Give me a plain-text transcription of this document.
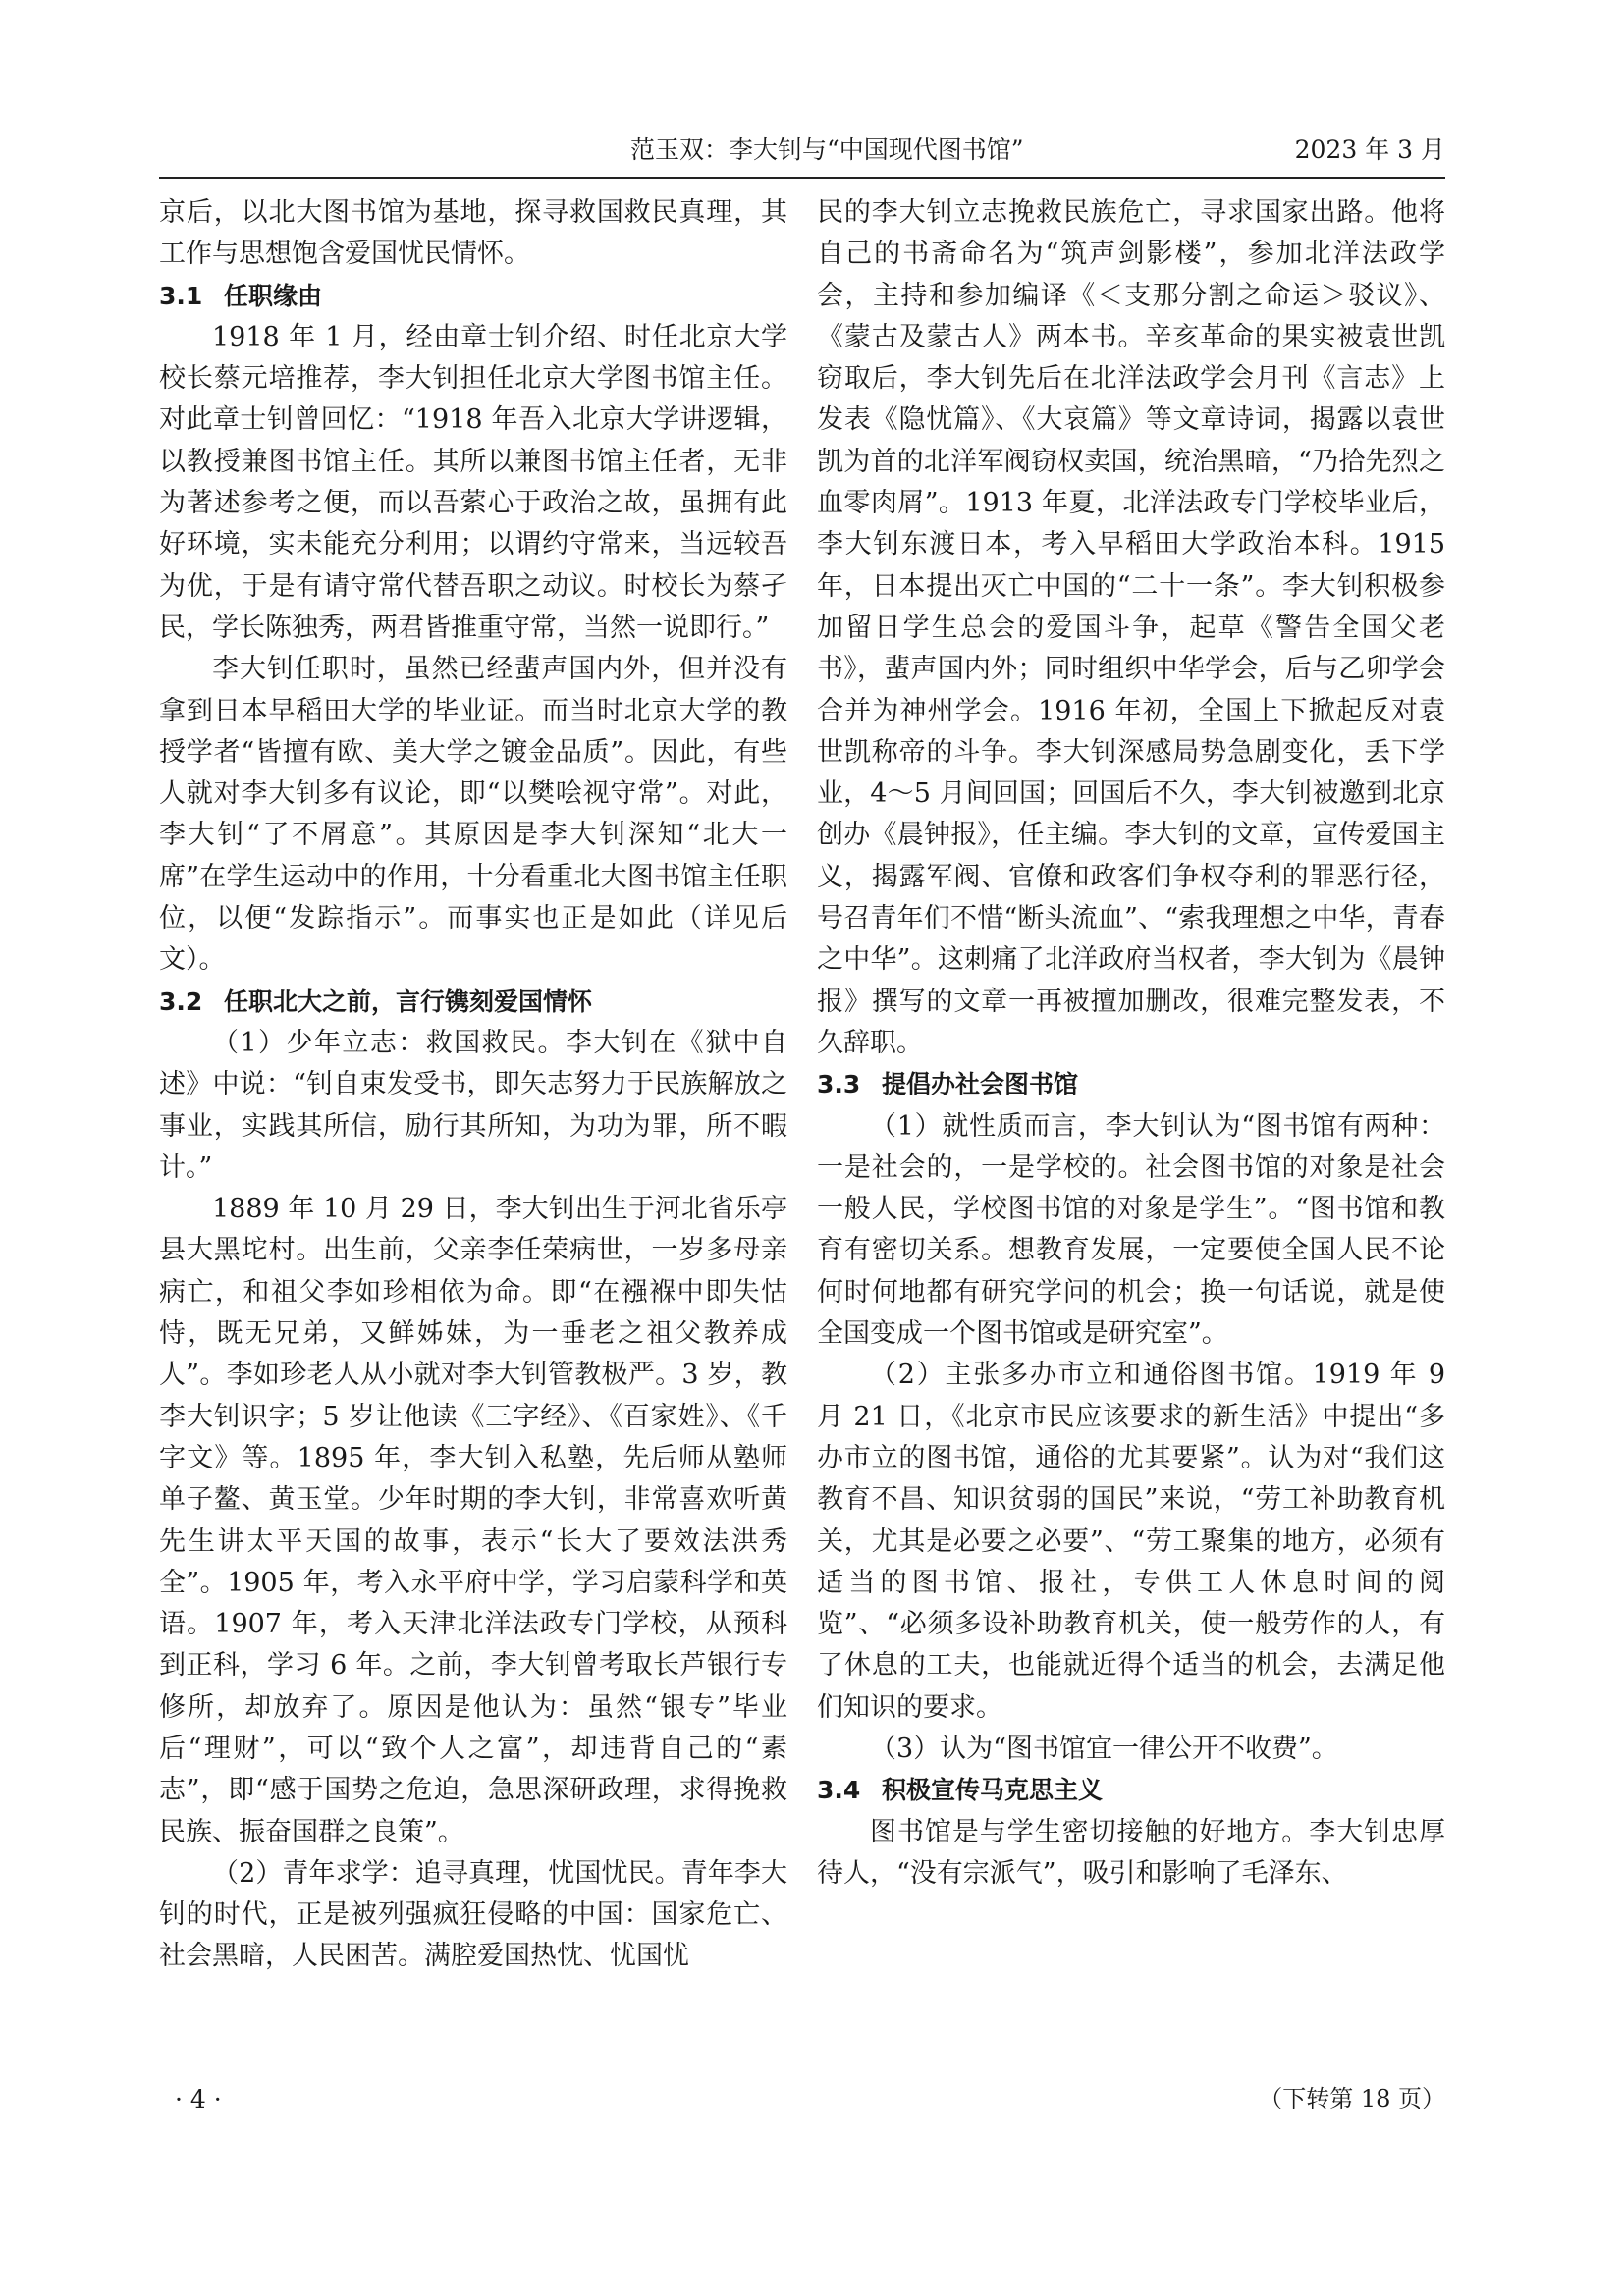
范玉双：李大钊与“中国现代图书馆”	2023 年 3 月

京后，以北大图书馆为基地，探寻救国救民真理，其工作与思想饱含爱国忧民情怀。

3.1 任职缘由

1918 年 1 月，经由章士钊介绍、时任北京大学校长蔡元培推荐，李大钊担任北京大学图书馆主任。对此章士钊曾回忆：“1918 年吾入北京大学讲逻辑，以教授兼图书馆主任。其所以兼图书馆主任者，无非为著述参考之便，而以吾萦心于政治之故，虽拥有此好环境，实未能充分利用；以谓约守常来，当远较吾为优，于是有请守常代替吾职之动议。时校长为蔡孑民，学长陈独秀，两君皆推重守常，当然一说即行。”

李大钊任职时，虽然已经蜚声国内外，但并没有拿到日本早稻田大学的毕业证。而当时北京大学的教授学者“皆擅有欧、美大学之镀金品质”。因此，有些人就对李大钊多有议论，即“以樊哙视守常”。对此，李大钊“了不屑意”。其原因是李大钊深知“北大一席”在学生运动中的作用，十分看重北大图书馆主任职位，以便“发踪指示”。而事实也正是如此（详见后文）。

3.2 任职北大之前，言行镌刻爱国情怀

（1）少年立志：救国救民。李大钊在《狱中自述》中说：“钊自束发受书，即矢志努力于民族解放之事业，实践其所信，励行其所知，为功为罪，所不暇计。”

1889 年 10 月 29 日，李大钊出生于河北省乐亭县大黑坨村。出生前，父亲李任荣病世，一岁多母亲病亡，和祖父李如珍相依为命。即“在襁褓中即失怙恃，既无兄弟，又鲜姊妹，为一垂老之祖父教养成人”。李如珍老人从小就对李大钊管教极严。3 岁，教李大钊识字；5 岁让他读《三字经》、《百家姓》、《千字文》等。1895 年，李大钊入私塾，先后师从塾师单子鳌、黄玉堂。少年时期的李大钊，非常喜欢听黄先生讲太平天国的故事，表示“长大了要效法洪秀全”。1905 年，考入永平府中学，学习启蒙科学和英语。1907 年，考入天津北洋法政专门学校，从预科到正科，学习 6 年。之前，李大钊曾考取长芦银行专修所，却放弃了。原因是他认为：虽然“银专”毕业后“理财”，可以“致个人之富”，却违背自己的“素志”，即“感于国势之危迫，急思深研政理，求得挽救民族、振奋国群之良策”。

（2）青年求学：追寻真理，忧国忧民。青年李大钊的时代，正是被列强疯狂侵略的中国：国家危亡、社会黑暗，人民困苦。满腔爱国热忱、忧国忧

民的李大钊立志挽救民族危亡，寻求国家出路。他将自己的书斋命名为“筑声剑影楼”，参加北洋法政学会，主持和参加编译《＜支那分割之命运＞驳议》、《蒙古及蒙古人》两本书。辛亥革命的果实被袁世凯窃取后，李大钊先后在北洋法政学会月刊《言志》上发表《隐忧篇》、《大哀篇》等文章诗词，揭露以袁世凯为首的北洋军阀窃权卖国，统治黑暗，“乃拾先烈之血零肉屑”。1913 年夏，北洋法政专门学校毕业后，李大钊东渡日本，考入早稻田大学政治本科。1915 年，日本提出灭亡中国的“二十一条”。李大钊积极参加留日学生总会的爱国斗争，起草《警告全国父老书》，蜚声国内外；同时组织中华学会，后与乙卯学会合并为神州学会。1916 年初，全国上下掀起反对袁世凯称帝的斗争。李大钊深感局势急剧变化，丢下学业，4～5 月间回国；回国后不久，李大钊被邀到北京创办《晨钟报》，任主编。李大钊的文章，宣传爱国主义，揭露军阀、官僚和政客们争权夺利的罪恶行径，号召青年们不惜“断头流血”、“索我理想之中华，青春之中华”。这刺痛了北洋政府当权者，李大钊为《晨钟报》撰写的文章一再被擅加删改，很难完整发表，不久辞职。

3.3 提倡办社会图书馆

（1）就性质而言，李大钊认为“图书馆有两种：一是社会的，一是学校的。社会图书馆的对象是社会一般人民，学校图书馆的对象是学生”。“图书馆和教育有密切关系。想教育发展，一定要使全国人民不论何时何地都有研究学问的机会；换一句话说，就是使全国变成一个图书馆或是研究室”。

（2）主张多办市立和通俗图书馆。1919 年 9 月 21 日，《北京市民应该要求的新生活》中提出“多办市立的图书馆，通俗的尤其要紧”。认为对“我们这教育不昌、知识贫弱的国民”来说，“劳工补助教育机关，尤其是必要之必要”、“劳工聚集的地方，必须有适当的图书馆、报社，专供工人休息时间的阅览”、“必须多设补助教育机关，使一般劳作的人，有了休息的工夫，也能就近得个适当的机会，去满足他们知识的要求。

（3）认为“图书馆宜一律公开不收费”。

3.4 积极宣传马克思主义

图书馆是与学生密切接触的好地方。李大钊忠厚待人，“没有宗派气”，吸引和影响了毛泽东、

· 4 ·	（下转第 18 页）
